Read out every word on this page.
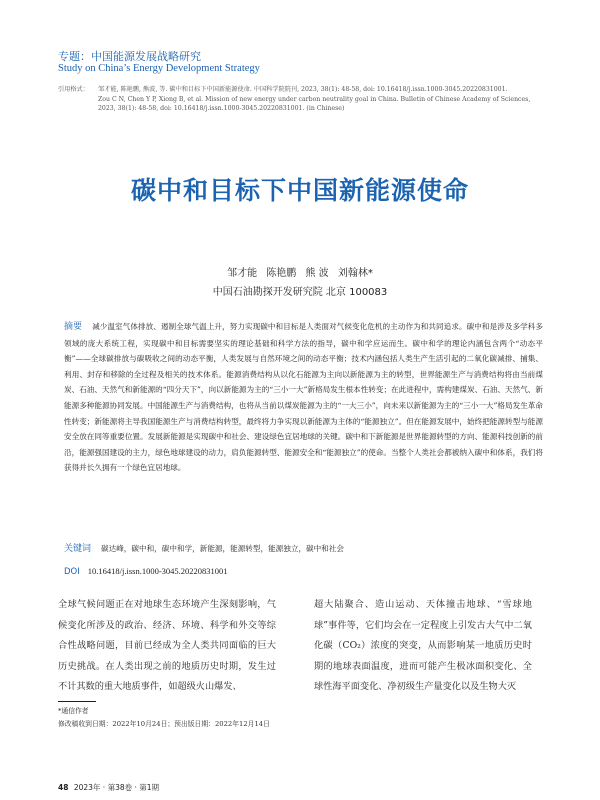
专题：中国能源发展战略研究
Study on China’s Energy Development Strategy
引用格式：	邹才能, 陈艳鹏, 熊波, 等. 碳中和目标下中国新能源使命. 中国科学院院刊, 2023, 38(1): 48-58, doi: 10.16418/j.issn.1000-3045.20220831001.
Zou C N, Chen Y P, Xiong B, et al. Mission of new energy under carbon neutrality goal in China. Bulletin of Chinese Academy of Sciences, 2023, 38(1): 48-58, doi: 10.16418/j.issn.1000-3045.20220831001. (in Chinese)
碳中和目标下中国新能源使命
邹才能 陈艳鹏 熊 波 刘翰林*
中国石油勘探开发研究院 北京 100083
摘要 减少温室气体排放、遏制全球气温上升，努力实现碳中和目标是人类面对气候变化危机的主动作为和共同追求。碳中和是涉及多学科多领域的庞大系统工程，实现碳中和目标需要坚实的理论基础和科学方法的指导，碳中和学应运而生。碳中和学的理论内涵包含两个“动态平衡”——全球碳排放与碳吸收之间的动态平衡，人类发展与自然环境之间的动态平衡；技术内涵包括人类生产生活引起的二氧化碳减排、捕集、利用、封存和移除的全过程及相关的技术体系。能源消费结构从以化石能源为主向以新能源为主的转型，世界能源生产与消费结构将由当前煤炭、石油、天然气和新能源的“四分天下”，向以新能源为主的“三小一大”新格局发生根本性转变；在此进程中，需构建煤炭、石油、天然气、新能源多种能源协同发展。中国能源生产与消费结构，也将从当前以煤炭能源为主的“一大三小”，向未来以新能源为主的“三小一大”格局发生革命性转变；新能源将主导我国能源生产与消费结构转型，最终将力争实现以新能源为主体的“能源独立”。但在能源发展中，始终把能源转型与能源安全放在同等重要位置。发展新能源是实现碳中和社会、建设绿色宜居地球的关键。碳中和下新能源是世界能源转型的方向、能源科技创新的前沿，能源强国建设的主力，绿色地球建设的动力，肩负能源转型、能源安全和“能源独立”的使命。当整个人类社会都被纳入碳中和体系，我们将获得并长久拥有一个绿色宜居地球。
关键词 碳达峰，碳中和，碳中和学，新能源，能源转型，能源独立，碳中和社会
DOI 10.16418/j.issn.1000-3045.20220831001
全球气候问题正在对地球生态环境产生深刻影响，气候变化所涉及的政治、经济、环境、科学和外交等综合性战略问题，目前已经成为全人类共同面临的巨大历史挑战。在人类出现之前的地质历史时期，发生过不计其数的重大地质事件，如超级火山爆发、
超大陆聚合、造山运动、天体撞击地球、“雪球地球”事件等，它们均会在一定程度上引发古大气中二氧化碳（CO₂）浓度的突变，从而影响某一地质历史时期的地球表面温度，进而可能产生极冰面积变化、全球性海平面变化、净初级生产量变化以及生物大灭
*通信作者
修改稿收到日期：2022年10月24日；预出版日期：2022年12月14日
48 2023年 · 第38卷 · 第1期
